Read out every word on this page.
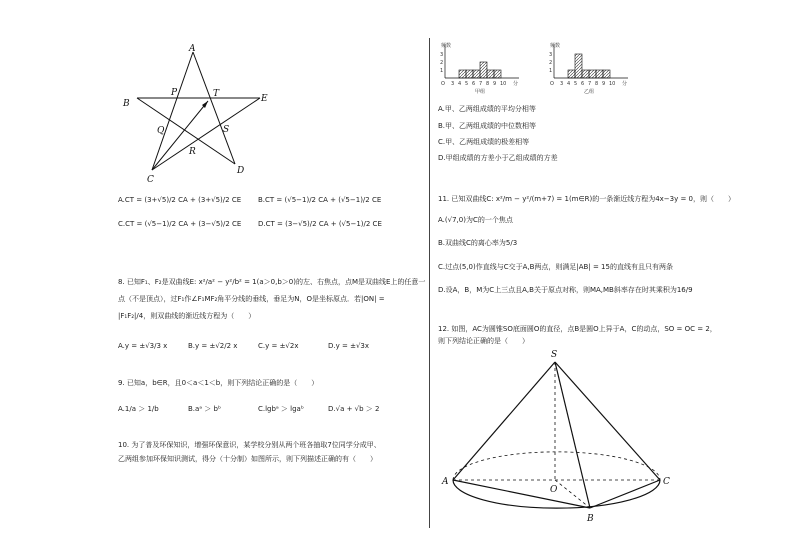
A
B
C
D
E
P	T
Q	S
R
A.CT = (3+√5)/2 CA + (3+√5)/2 CE B.CT = (√5−1)/2 CA + (√5−1)/2 CE
C.CT = (√5−1)/2 CA + (3−√5)/2 CE D.CT = (3−√5)/2 CA + (√5−1)/2 CE
8. 已知F₁、F₂是双曲线E: x²/a² − y²/b² = 1(a＞0,b＞0)的左、右焦点，点M是双曲线E上的任意一
点（不是顶点），过F₁作∠F₁MF₂角平分线的垂线，垂足为N，O是坐标原点．若|ON| =
|F₁F₂|/4，则双曲线的渐近线方程为（　　）
A.y = ±√3/3 x	B.y = ±√2/2 x	C.y = ±√2x	D.y = ±√3x
9. 已知a，b∈R，且0＜a＜1＜b，则下列结论正确的是（　　）
A.1/a ＞ 1/b	B.aᵃ ＞ bᵇ	C.lgbᵃ ＞ lgaᵇ	D.√a + √b ＞ 2
10. 为了普及环保知识，增强环保意识，某学校分别从两个班各抽取7位同学分成甲、
乙两组参加环保知识测试，得分（十分制）如图所示，则下列描述正确的有（　　）
频数
1
2
3
O 3 4 5 6 7 8 9 10 分
甲组
频数
1
2
3
O 3 4 5 6 7 8 9 10 分
乙组
A.甲、乙两组成绩的平均分相等
B.甲、乙两组成绩的中位数相等
C.甲、乙两组成绩的极差相等
D.甲组成绩的方差小于乙组成绩的方差
11. 已知双曲线C: x²/m − y²/(m+7) = 1(m∈R)的一条渐近线方程为4x−3y = 0，则（　　）
A.(√7,0)为C的一个焦点
B.双曲线C的离心率为5/3
C.过点(5,0)作直线与C交于A,B两点，则满足|AB| = 15的直线有且只有两条
D.设A，B，M为C上三点且A,B关于原点对称，则MA,MB斜率存在时其乘积为16/9
12. 如图，AC为圆锥SO底面圆O的直径，点B是圆O上异于A，C的动点，SO = OC = 2，
则下列结论正确的是（　　）
S
A
O
C
B
